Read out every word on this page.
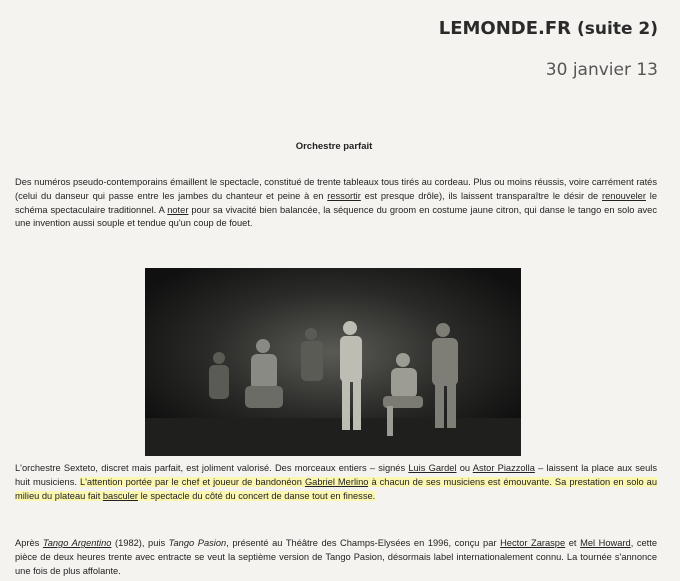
LEMONDE.FR (suite 2)
30 janvier 13
Orchestre parfait
Des numéros pseudo-contemporains émaillent le spectacle, constitué de trente tableaux tous tirés au cordeau. Plus ou moins réussis, voire carrément ratés (celui du danseur qui passe entre les jambes du chanteur et peine à en ressortir est presque drôle), ils laissent transparaître le désir de renouveler le schéma spectaculaire traditionnel. A noter pour sa vivacité bien balancée, la séquence du groom en costume jaune citron, qui danse le tango en solo avec une invention aussi souple et tendue qu'un coup de fouet.
L'orchestre Sexteto, discret mais parfait, est joliment valorisé. Des morceaux entiers – signés Luis Gardel ou Astor Piazzolla – laissent la place aux seuls huit musiciens. L'attention portée par le chef et joueur de bandonéon Gabriel Merlino à chacun de ses musiciens est émouvante. Sa prestation en solo au milieu du plateau fait basculer le spectacle du côté du concert de danse tout en finesse.
Après Tango Argentino (1982), puis Tango Pasion, présenté au Théâtre des Champs-Elysées en 1996, conçu par Hector Zaraspe et Mel Howard, cette pièce de deux heures trente avec entracte se veut la septième version de Tango Pasion, désormais label internationalement connu. La tournée s'annonce une fois de plus affolante.
